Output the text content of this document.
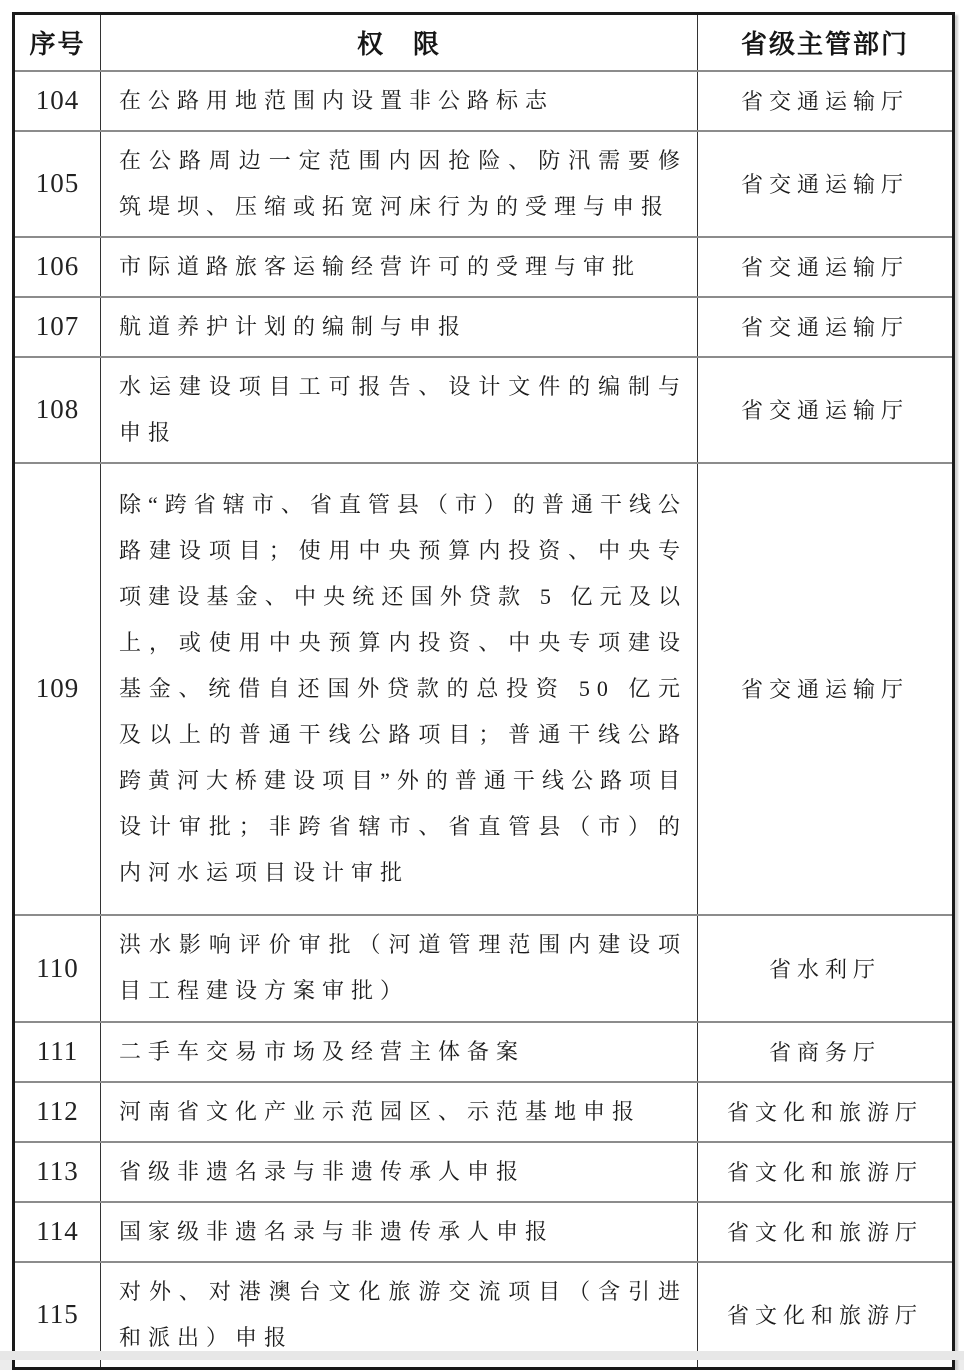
序号	权　限	省级主管部门
104	在公路用地范围内设置非公路标志	省交通运输厅
105	在公路周边一定范围内因抢险、防汛需要修筑堤坝、压缩或拓宽河床行为的受理与申报	省交通运输厅
106	市际道路旅客运输经营许可的受理与审批	省交通运输厅
107	航道养护计划的编制与申报	省交通运输厅
108	水运建设项目工可报告、设计文件的编制与申报	省交通运输厅
109	除“跨省辖市、省直管县（市）的普通干线公路建设项目；使用中央预算内投资、中央专项建设基金、中央统还国外贷款 5 亿元及以上，或使用中央预算内投资、中央专项建设基金、统借自还国外贷款的总投资 50 亿元及以上的普通干线公路项目；普通干线公路跨黄河大桥建设项目”外的普通干线公路项目设计审批；非跨省辖市、省直管县（市）的内河水运项目设计审批	省交通运输厅
110	洪水影响评价审批（河道管理范围内建设项目工程建设方案审批）	省水利厅
111	二手车交易市场及经营主体备案	省商务厅
112	河南省文化产业示范园区、示范基地申报	省文化和旅游厅
113	省级非遗名录与非遗传承人申报	省文化和旅游厅
114	国家级非遗名录与非遗传承人申报	省文化和旅游厅
115	对外、对港澳台文化旅游交流项目（含引进和派出）申报	省文化和旅游厅
